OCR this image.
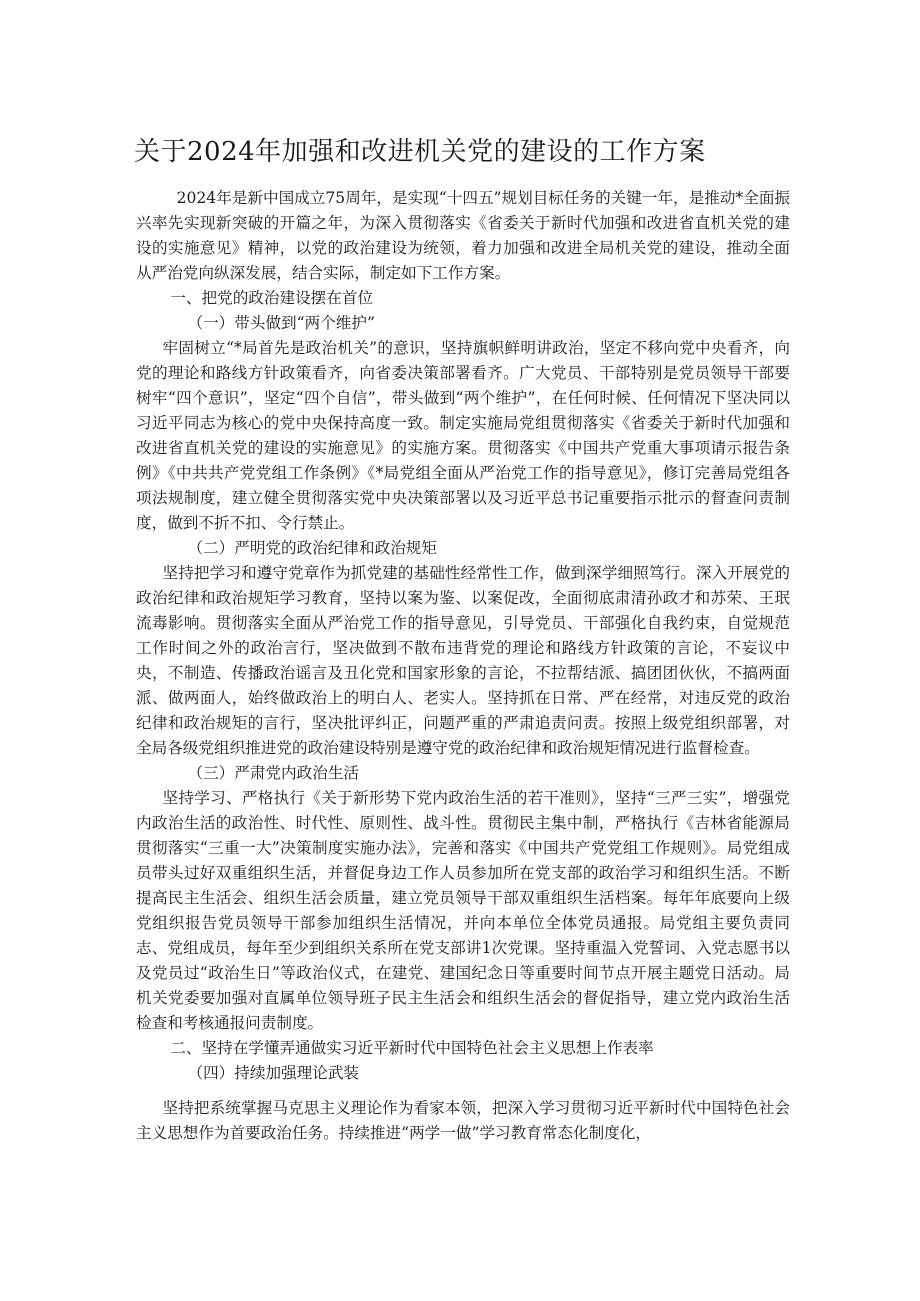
关于2024年加强和改进机关党的建设的工作方案

2024年是新中国成立75周年，是实现“十四五”规划目标任务的关键一年，是推动*全面振兴率先实现新突破的开篇之年，为深入贯彻落实《省委关于新时代加强和改进省直机关党的建设的实施意见》精神，以党的政治建设为统领，着力加强和改进全局机关党的建设，推动全面从严治党向纵深发展，结合实际，制定如下工作方案。

一、把党的政治建设摆在首位

（一）带头做到“两个维护”

牢固树立“*局首先是政治机关”的意识，坚持旗帜鲜明讲政治，坚定不移向党中央看齐，向党的理论和路线方针政策看齐，向省委决策部署看齐。广大党员、干部特别是党员领导干部要树牢“四个意识”，坚定“四个自信”，带头做到“两个维护”，在任何时候、任何情况下坚决同以习近平同志为核心的党中央保持高度一致。制定实施局党组贯彻落实《省委关于新时代加强和改进省直机关党的建设的实施意见》的实施方案。贯彻落实《中国共产党重大事项请示报告条例》《中共共产党党组工作条例》《*局党组全面从严治党工作的指导意见》，修订完善局党组各项法规制度，建立健全贯彻落实党中央决策部署以及习近平总书记重要指示批示的督查问责制度，做到不折不扣、令行禁止。

（二）严明党的政治纪律和政治规矩

坚持把学习和遵守党章作为抓党建的基础性经常性工作，做到深学细照笃行。深入开展党的政治纪律和政治规矩学习教育，坚持以案为鉴、以案促改，全面彻底肃清孙政才和苏荣、王珉流毒影响。贯彻落实全面从严治党工作的指导意见，引导党员、干部强化自我约束，自觉规范工作时间之外的政治言行，坚决做到不散布违背党的理论和路线方针政策的言论，不妄议中央，不制造、传播政治谣言及丑化党和国家形象的言论，不拉帮结派、搞团团伙伙，不搞两面派、做两面人，始终做政治上的明白人、老实人。坚持抓在日常、严在经常，对违反党的政治纪律和政治规矩的言行，坚决批评纠正，问题严重的严肃追责问责。按照上级党组织部署，对全局各级党组织推进党的政治建设特别是遵守党的政治纪律和政治规矩情况进行监督检查。

（三）严肃党内政治生活

坚持学习、严格执行《关于新形势下党内政治生活的若干准则》，坚持“三严三实”，增强党内政治生活的政治性、时代性、原则性、战斗性。贯彻民主集中制，严格执行《吉林省能源局贯彻落实“三重一大”决策制度实施办法》，完善和落实《中国共产党党组工作规则》。局党组成员带头过好双重组织生活，并督促身边工作人员参加所在党支部的政治学习和组织生活。不断提高民主生活会、组织生活会质量，建立党员领导干部双重组织生活档案。每年年底要向上级党组织报告党员领导干部参加组织生活情况，并向本单位全体党员通报。局党组主要负责同志、党组成员，每年至少到组织关系所在党支部讲1次党课。坚持重温入党誓词、入党志愿书以及党员过“政治生日”等政治仪式，在建党、建国纪念日等重要时间节点开展主题党日活动。局机关党委要加强对直属单位领导班子民主生活会和组织生活会的督促指导，建立党内政治生活检查和考核通报问责制度。

二、坚持在学懂弄通做实习近平新时代中国特色社会主义思想上作表率

（四）持续加强理论武装

坚持把系统掌握马克思主义理论作为看家本领，把深入学习贯彻习近平新时代中国特色社会主义思想作为首要政治任务。持续推进“两学一做”学习教育常态化制度化，
